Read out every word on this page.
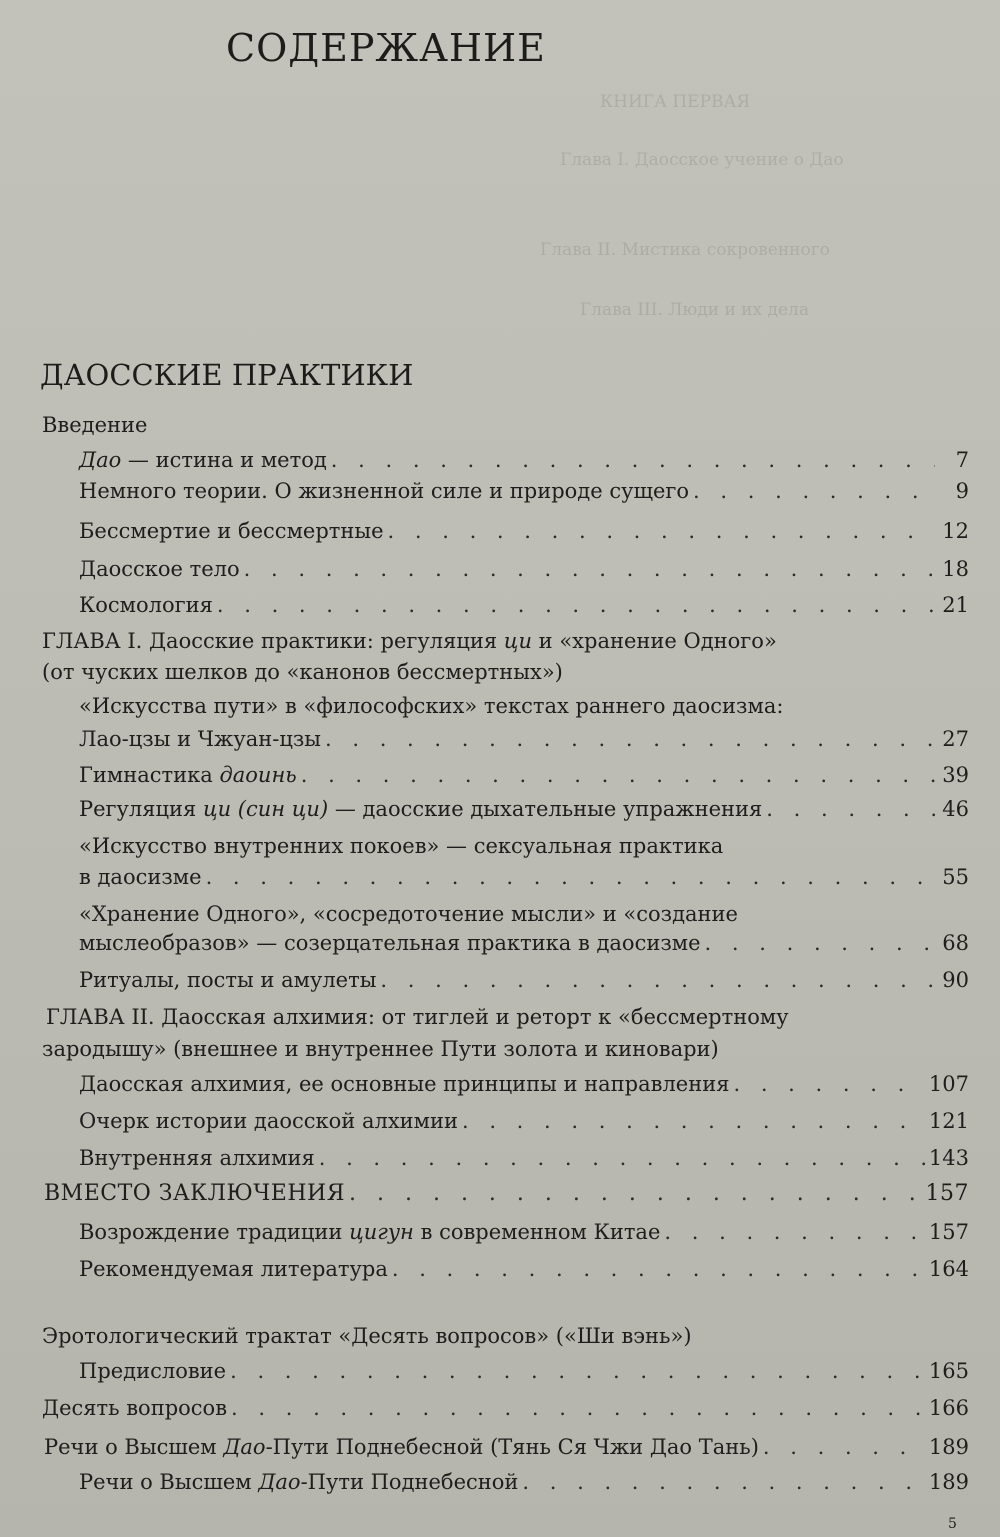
КНИГА ПЕРВАЯ
Глава I. Даосское учение о Дао
Глава II. Мистика сокровенного
Глава III. Люди и их дела
СОДЕРЖАНИЕ
ДАОССКИЕ ПРАКТИКИ
Введение
Дао — истина и метод . . .	7
Немного теории. О жизненной силе и природе сущего . . .	9
Бессмертие и бессмертные . . .	12
Даосское тело . . .	18
Космология . . .	21
ГЛАВА I. Даосские практики: регуляция ци и «хранение Одного»
(от чуских шелков до «канонов бессмертных»)
«Искусства пути» в «философских» текстах раннего даосизма:
Лао-цзы и Чжуан-цзы . . .	27
Гимнастика даоинь . . .	39
Регуляция ци (син ци) — даосские дыхательные упражнения . . .	46
«Искусство внутренних покоев» — сексуальная практика
в даосизме . . .	55
«Хранение Одного», «сосредоточение мысли» и «создание
мыслеобразов» — созерцательная практика в даосизме . . .	68
Ритуалы, посты и амулеты . . .	90
ГЛАВА II. Даосская алхимия: от тиглей и реторт к «бессмертному
зародышу» (внешнее и внутреннее Пути золота и киновари)
Даосская алхимия, ее основные принципы и направления . . .	107
Очерк истории даосской алхимии . . .	121
Внутренняя алхимия . . .	143
ВМЕСТО ЗАКЛЮЧЕНИЯ . . .	157
Возрождение традиции цигун в современном Китае . . .	157
Рекомендуемая литература . . .	164
Эротологический трактат «Десять вопросов» («Ши вэнь»)
Предисловие . . .	165
Десять вопросов . . .	166
Речи о Высшем Дао-Пути Поднебесной (Тянь Ся Чжи Дао Тань) . . .	189
Речи о Высшем Дао-Пути Поднебесной . . .	189
5
